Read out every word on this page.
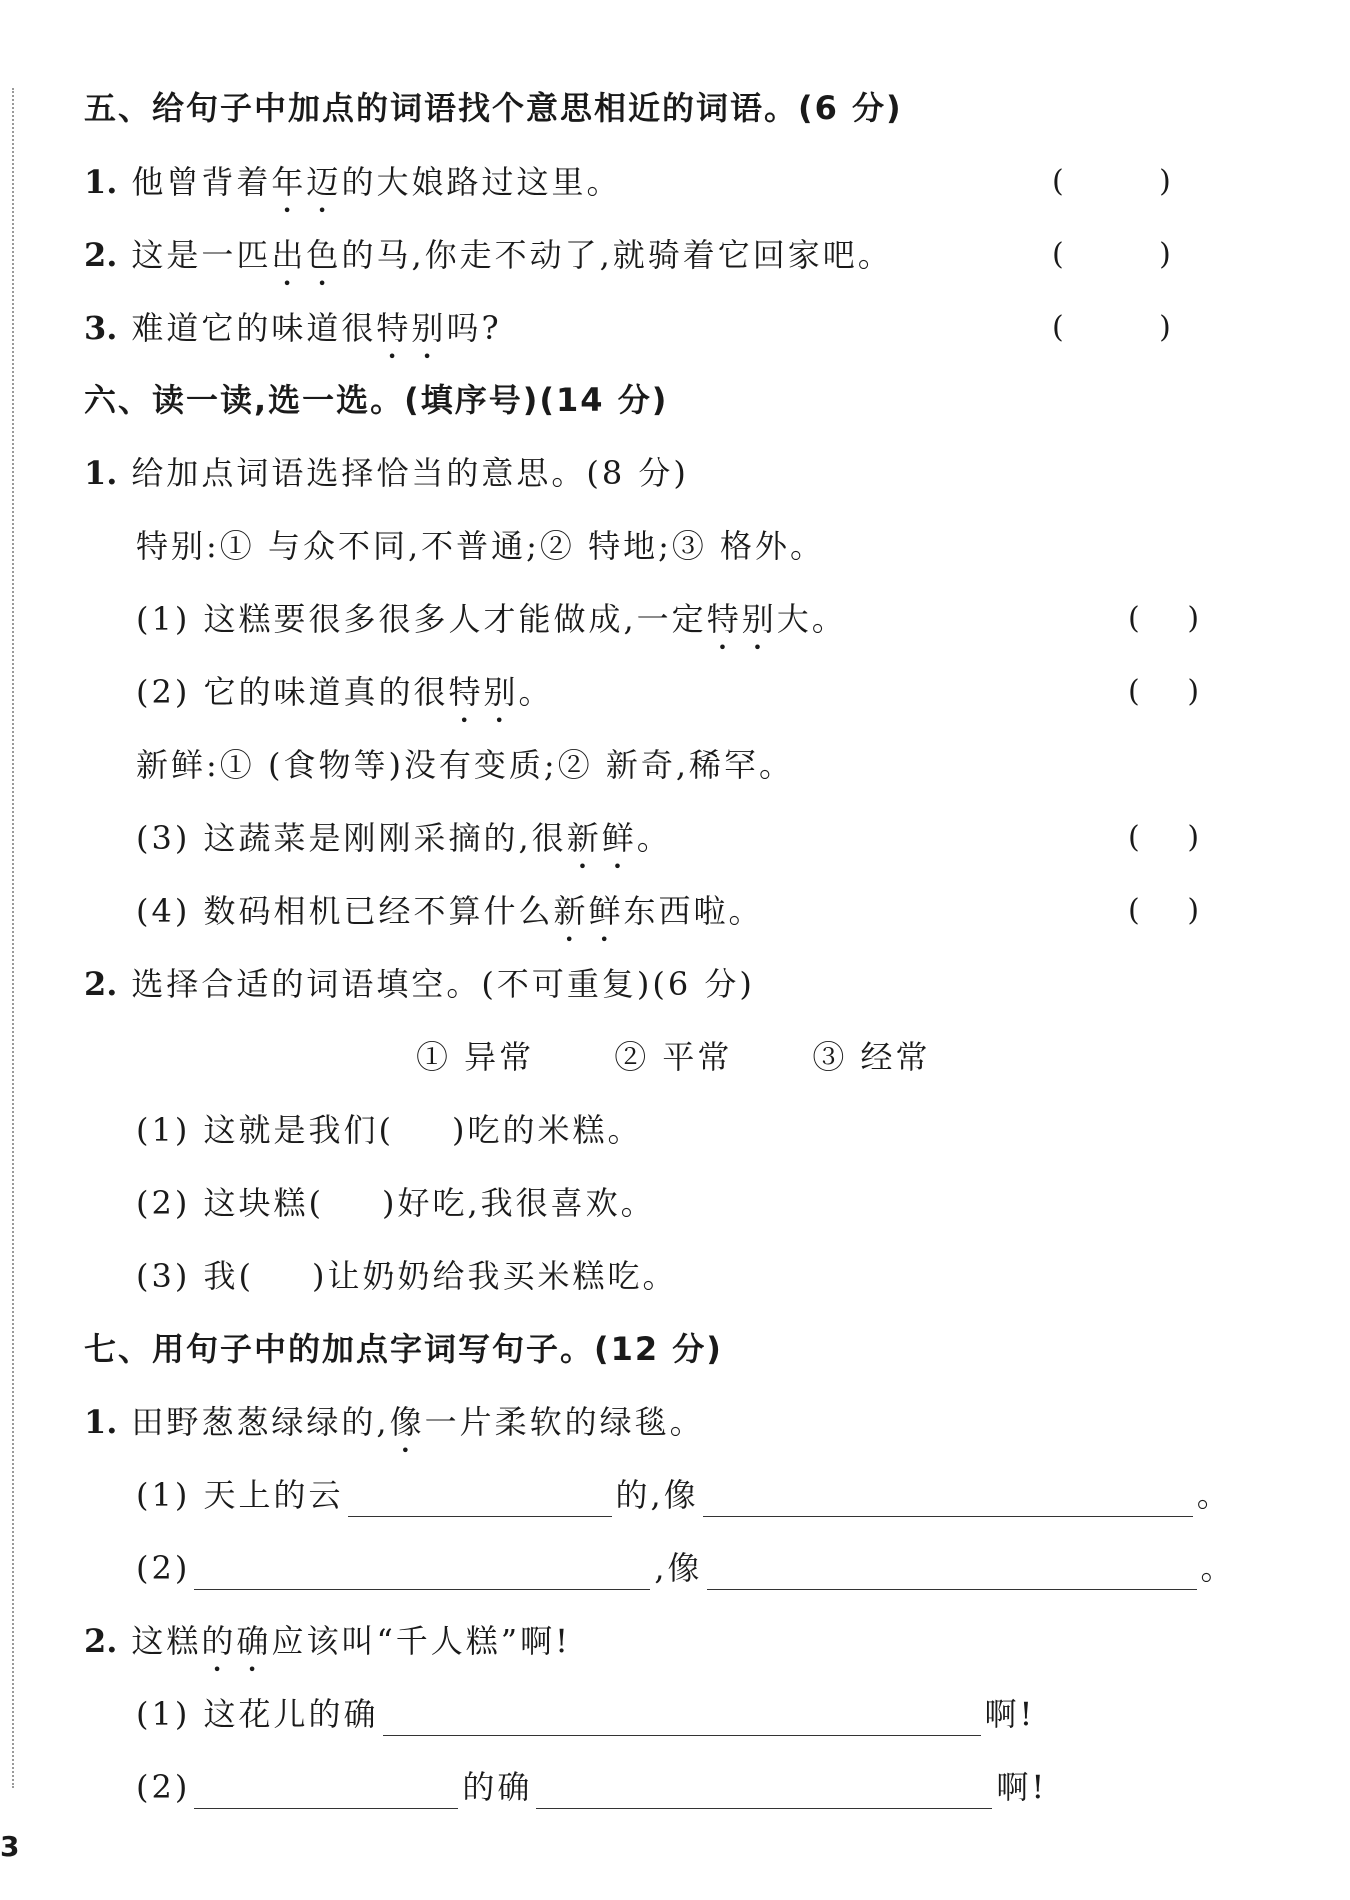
五、给句子中加点的词语找个意思相近的词语。(6 分)
1. 他曾背着年迈的大娘路过这里。	(          )
2. 这是一匹出色的马,你走不动了,就骑着它回家吧。	(          )
3. 难道它的味道很特别吗?	(          )
六、读一读,选一选。(填序号)(14 分)
1. 给加点词语选择恰当的意思。(8 分)
特别:① 与众不同,不普通;② 特地;③ 格外。
(1) 这糕要很多很多人才能做成,一定特别大。	(     )
(2) 它的味道真的很特别。	(     )
新鲜:① (食物等)没有变质;② 新奇,稀罕。
(3) 这蔬菜是刚刚采摘的,很新鲜。	(     )
(4) 数码相机已经不算什么新鲜东西啦。	(     )
2. 选择合适的词语填空。(不可重复)(6 分)
① 异常	② 平常	③ 经常
(1) 这就是我们( )吃的米糕。
(2) 这块糕( )好吃,我很喜欢。
(3) 我( )让奶奶给我买米糕吃。
七、用句子中的加点字词写句子。(12 分)
1. 田野葱葱绿绿的,像一片柔软的绿毯。
(1) 天上的云	的,像	。
(2)	,像	。
2. 这糕的确应该叫“千人糕”啊!
(1) 这花儿的确	啊!
(2)	的确	啊!
3
